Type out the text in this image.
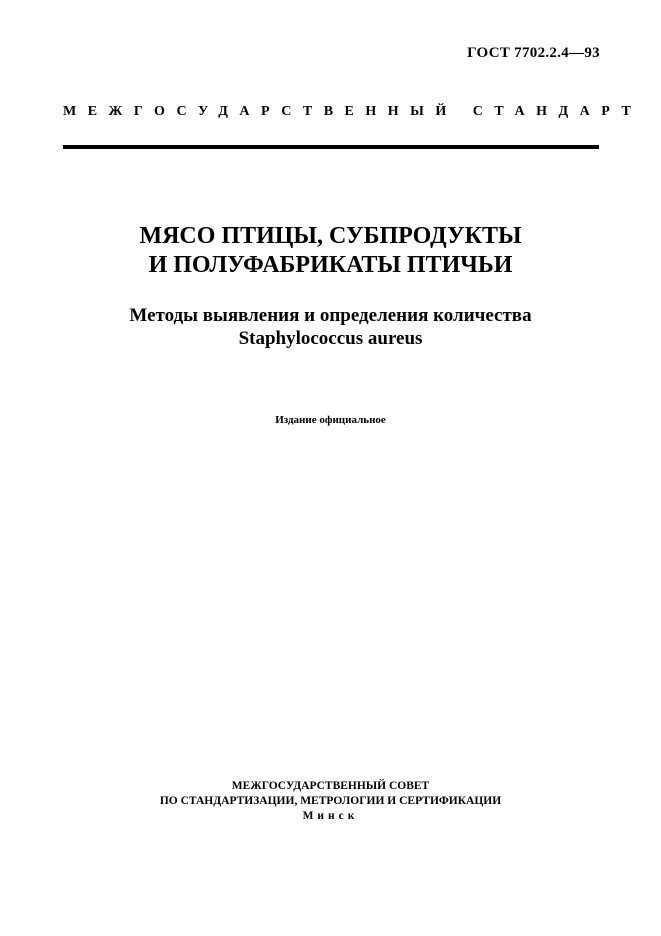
ГОСТ 7702.2.4—93
МЕЖГОСУДАРСТВЕННЫЙ СТАНДАРТ
МЯСО ПТИЦЫ, СУБПРОДУКТЫ
И ПОЛУФАБРИКАТЫ ПТИЧЬИ
Методы выявления и определения количества
Staphylococcus aureus
Издание официальное
МЕЖГОСУДАРСТВЕННЫЙ СОВЕТ
ПО СТАНДАРТИЗАЦИИ, МЕТРОЛОГИИ И СЕРТИФИКАЦИИ
Минск
